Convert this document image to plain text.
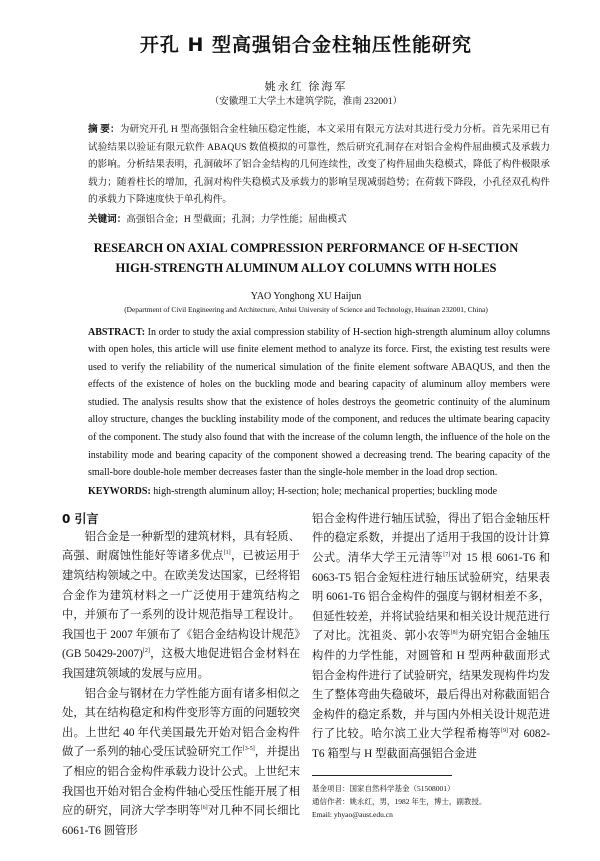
开孔 H 型高强铝合金柱轴压性能研究
姚永红 徐海军
（安徽理工大学土木建筑学院，淮南 232001）
摘 要：为研究开孔 H 型高强铝合金柱轴压稳定性能，本文采用有限元方法对其进行受力分析。首先采用已有试验结果以验证有限元软件 ABAQUS 数值模拟的可靠性，然后研究孔洞存在对铝合金构件屈曲模式及承载力的影响。分析结果表明，孔洞破坏了铝合金结构的几何连续性，改变了构件屈曲失稳模式，降低了构件极限承载力；随着柱长的增加，孔洞对构件失稳模式及承载力的影响呈现减弱趋势；在荷载下降段，小孔径双孔构件的承载力下降速度快于单孔构件。
关键词：高强铝合金；H 型截面；孔洞；力学性能；屈曲模式
RESEARCH ON AXIAL COMPRESSION PERFORMANCE OF H-SECTION
HIGH-STRENGTH ALUMINUM ALLOY COLUMNS WITH HOLES
YAO Yonghong XU Haijun
(Department of Civil Engineering and Architecture, Anhui University of Science and Technology, Huainan 232001, China)
ABSTRACT: In order to study the axial compression stability of H-section high-strength aluminum alloy columns with open holes, this article will use finite element method to analyze its force. First, the existing test results were used to verify the reliability of the numerical simulation of the finite element software ABAQUS, and then the effects of the existence of holes on the buckling mode and bearing capacity of aluminum alloy members were studied. The analysis results show that the existence of holes destroys the geometric continuity of the aluminum alloy structure, changes the buckling instability mode of the component, and reduces the ultimate bearing capacity of the component. The study also found that with the increase of the column length, the influence of the hole on the instability mode and bearing capacity of the component showed a decreasing trend. The bearing capacity of the small-bore double-hole member decreases faster than the single-hole member in the load drop section.
KEYWORDS: high-strength aluminum alloy; H-section; hole; mechanical properties; buckling mode
0 引言

铝合金是一种新型的建筑材料，具有轻质、高强、耐腐蚀性能好等诸多优点[1]，已被运用于建筑结构领域之中。在欧美发达国家，已经将铝合金作为建筑材料之一广泛使用于建筑结构之中，并颁布了一系列的设计规范指导工程设计。我国也于 2007 年颁布了《铝合金结构设计规范》(GB 50429-2007)[2]，这极大地促进铝合金材料在我国建筑领域的发展与应用。

铝合金与钢材在力学性能方面有诸多相似之处，其在结构稳定和构件变形等方面的问题较突出。上世纪 40 年代美国最先开始对铝合金构件做了一系列的轴心受压试验研究工作[3-5]，并提出了相应的铝合金构件承载力设计公式。上世纪末我国也开始对铝合金构件轴心受压性能开展了相应的研究，同济大学李明等[6]对几种不同长细比 6061-T6 圆管形

铝合金构件进行轴压试验，得出了铝合金轴压杆件的稳定系数，并提出了适用于我国的设计计算公式。清华大学王元清等[7]对 15 根 6061-T6 和 6063-T5 铝合金短柱进行轴压试验研究，结果表明 6061-T6 铝合金构件的强度与钢材相差不多，但延性较差，并将试验结果和相关设计规范进行了对比。沈祖炎、郭小农等[8]为研究铝合金轴压构件的力学性能，对圆管和 H 型两种截面形式铝合金构件进行了试验研究，结果发现构件均发生了整体弯曲失稳破坏，最后得出对称截面铝合金构件的稳定系数，并与国内外相关设计规范进行了比较。哈尔滨工业大学程希梅等[9]对 6082-T6 箱型与 H 型截面高强铝合金进

基金项目：国家自然科学基金（51508001）
通信作者：姚永红，男，1982 年生，博士，副教授。
Email: yhyao@aust.edu.cn
